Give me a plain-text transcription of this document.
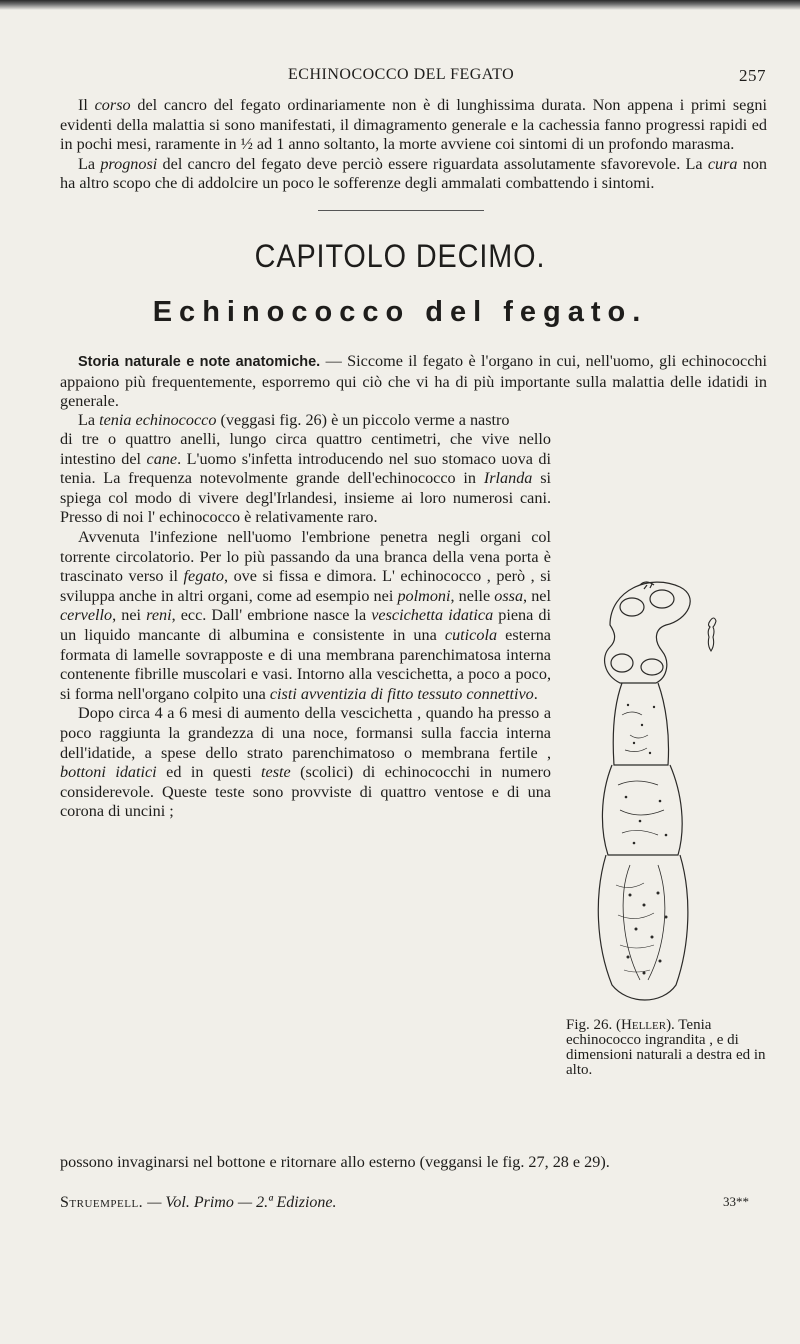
ECHINOCOCCO DEL FEGATO	257

Il corso del cancro del fegato ordinariamente non è di lunghissima durata. Non appena i primi segni evidenti della malattia si sono manifestati, il dimagramento generale e la cachessia fanno progressi rapidi ed in pochi mesi, raramente in ½ ad 1 anno soltanto, la morte avviene coi sintomi di un profondo marasma.

La prognosi del cancro del fegato deve perciò essere riguardata assolutamente sfavorevole. La cura non ha altro scopo che di addolcire un poco le sofferenze degli ammalati combattendo i sintomi.

CAPITOLO DECIMO.
Echinococco del fegato.

Storia naturale e note anatomiche. — Siccome il fegato è l'organo in cui, nell'uomo, gli echinococchi appaiono più frequentemente, esporremo qui ciò che vi ha di più importante sulla malattia delle idatidi in generale.

La tenia echinococco (veggasi fig. 26) è un piccolo verme a nastro

di tre o quattro anelli, lungo circa quattro centimetri, che vive nello intestino del cane. L'uomo s'infetta introducendo nel suo stomaco uova di tenia. La frequenza notevolmente grande dell'echinococco in Irlanda si spiega col modo di vivere degl'Irlandesi, insieme ai loro numerosi cani. Presso di noi l' echinococco è relativamente raro.

Avvenuta l'infezione nell'uomo l'embrione penetra negli organi col torrente circolatorio. Per lo più passando da una branca della vena porta è trascinato verso il fegato, ove si fissa e dimora. L' echinococco , però , si sviluppa anche in altri organi, come ad esempio nei polmoni, nelle ossa, nel cervello, nei reni, ecc. Dall' embrione nasce la vescichetta idatica piena di un liquido mancante di albumina e consistente in una cuticola esterna formata di lamelle sovrapposte e di una membrana parenchimatosa interna contenente fibrille muscolari e vasi. Intorno alla vescichetta, a poco a poco, si forma nell'organo colpito una cisti avventizia di fitto tessuto connettivo.

Dopo circa 4 a 6 mesi di aumento della vescichetta , quando ha presso a poco raggiunta la grandezza di una noce, formansi sulla faccia interna dell'idatide, a spese dello strato parenchimatoso o membrana fertile , bottoni idatici ed in questi teste (scolici) di echinococchi in numero considerevole. Queste teste sono provviste di quattro ventose e di una corona di uncini ;

Fig. 26. (Heller). Tenia echinococco ingrandita , e di dimensioni naturali a destra ed in alto.

possono invaginarsi nel bottone e ritornare allo esterno (veggansi le fig. 27, 28 e 29).

Struempell. — Vol. Primo — 2.ª Edizione.	33**
